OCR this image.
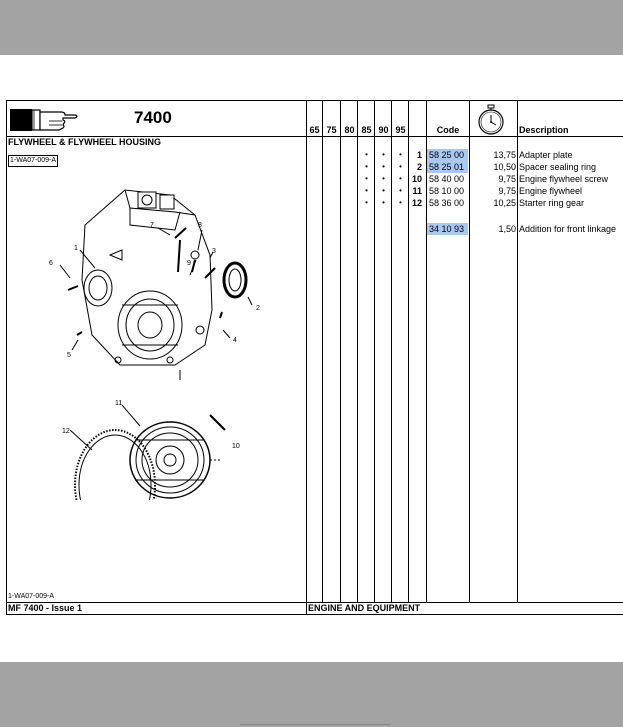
7400
FLYWHEEL & FLYWHEEL HOUSING
1-WA07-009-A
65 75 80 85 90 95	Code	Description
•	•	•	1 58 25 00	13,75 Adapter plate
•	•	•	2 58 25 01	10,50 Spacer sealing ring
•	•	•	10 58 40 00	9,75 Engine flywheel screw
•	•	•	11 58 10 00	9,75 Engine flywheel
•	•	•	12 58 36 00	10,25 Starter ring gear
34 10 93	1,50 Addition for front linkage
1
2
3
4
5
6
7	8
9
10
11
12
1-WA07-009-A
MF 7400 - Issue 1	ENGINE AND EQUIPMENT
